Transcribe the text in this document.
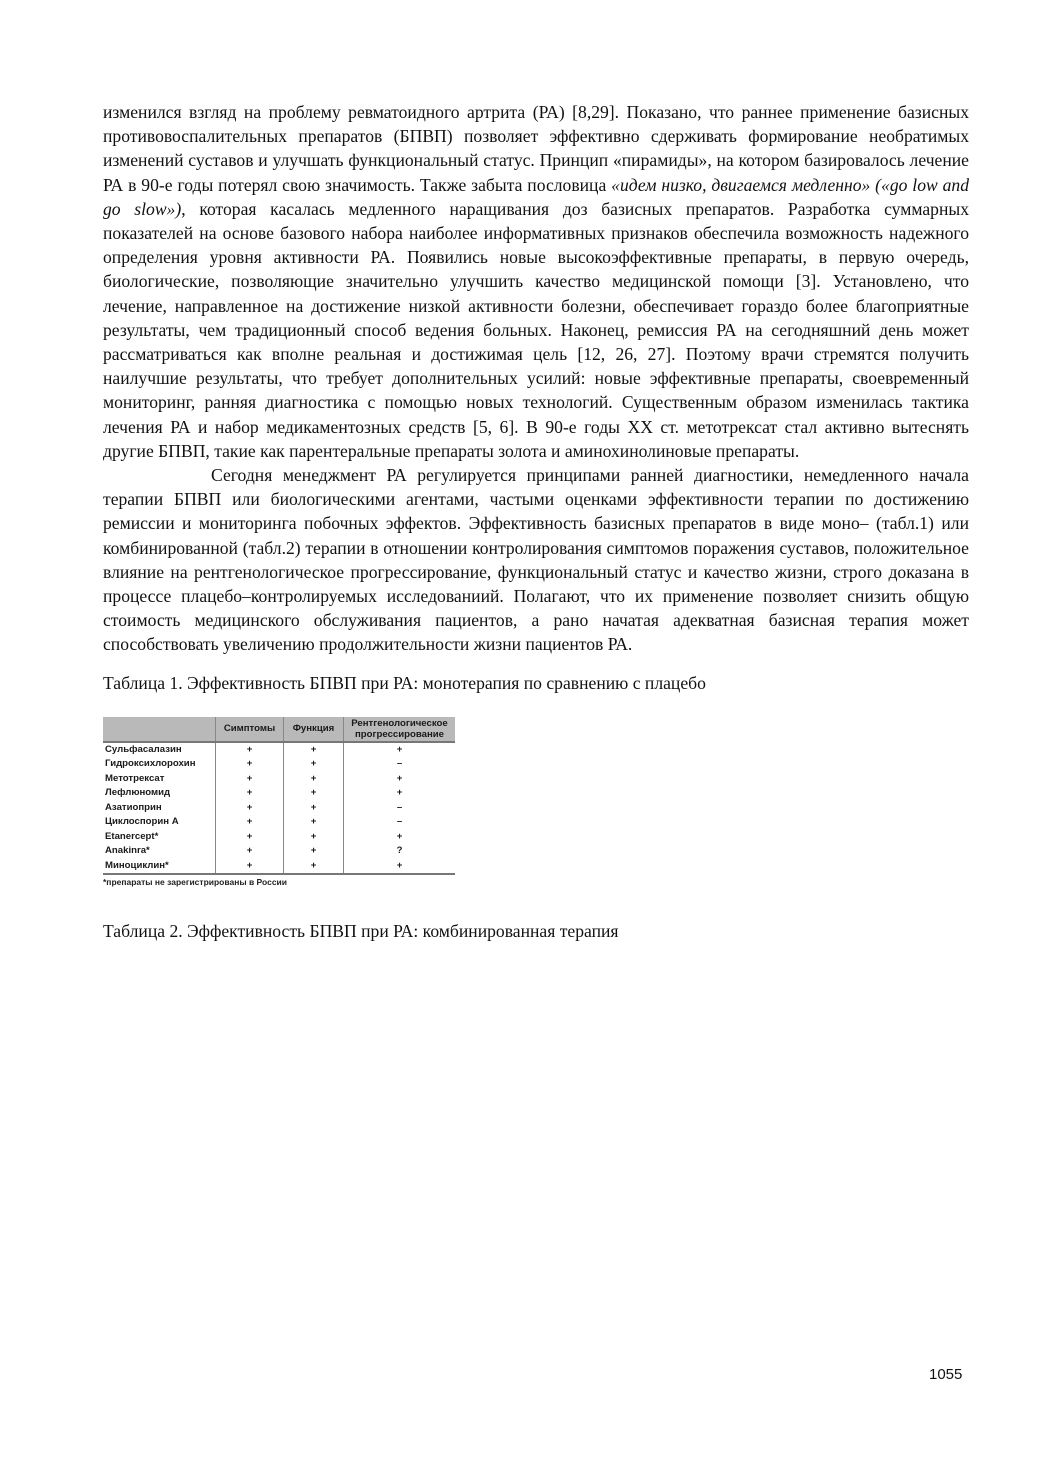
изменился взгляд на проблему ревматоидного артрита (РА) [8,29]. Показано, что раннее применение базисных противовоспалительных препаратов (БПВП) позволяет эффективно сдерживать формирование необратимых изменений суставов и улучшать функциональный статус. Принцип «пирамиды», на котором базировалось лечение РА в 90-е годы потерял свою значимость. Также забыта пословица «идем низко, двигаемся медленно» («go low and go slow»), которая касалась медленного наращивания доз базисных препаратов. Разработка суммарных показателей на основе базового набора наиболее информативных признаков обеспечила возможность надежного определения уровня активности РА. Появились новые высокоэффективные препараты, в первую очередь, биологические, позволяющие значительно улучшить качество медицинской помощи [3]. Установлено, что лечение, направленное на достижение низкой активности болезни, обеспечивает гораздо более благоприятные результаты, чем традиционный способ ведения больных. Наконец, ремиссия РА на сегодняшний день может рассматриваться как вполне реальная и достижимая цель [12, 26, 27]. Поэтому врачи стремятся получить наилучшие результаты, что требует дополнительных усилий: новые эффективные препараты, своевременный мониторинг, ранняя диагностика с помощью новых технологий. Существенным образом изменилась тактика лечения РА и набор медикаментозных средств [5, 6]. В 90-е годы XX ст. метотрексат стал активно вытеснять другие БПВП, такие как парентеральные препараты золота и аминохинолиновые препараты.

Сегодня менеджмент РА регулируется принципами ранней диагностики, немедленного начала терапии БПВП или биологическими агентами, частыми оценками эффективности терапии по достижению ремиссии и мониторинга побочных эффектов. Эффективность базисных препаратов в виде моно– (табл.1) или комбинированной (табл.2) терапии в отношении контролирования симптомов поражения суставов, положительное влияние на рентгенологическое прогрессирование, функциональный статус и качество жизни, строго доказана в процессе плацебо–контролируемых исследованиий. Полагают, что их применение позволяет снизить общую стоимость медицинского обслуживания пациентов, а рано начатая адекватная базисная терапия может способствовать увеличению продолжительности жизни пациентов РА.

Таблица 1. Эффективность БПВП при РА: монотерапия по сравнению с плацебо

	Симптомы	Функция	Рентгенологическое прогрессирование
Сульфасалазин	+	+	+
Гидроксихлорохин	+	+	–
Метотрексат	+	+	+
Лефлюномид	+	+	+
Азатиоприн	+	+	–
Циклоспорин А	+	+	–
Etanercept*	+	+	+
Anakinra*	+	+	?
Миноциклин*	+	+	+
*препараты не зарегистрированы в России

Таблица 2. Эффективность БПВП при РА: комбинированная терапия

1055
